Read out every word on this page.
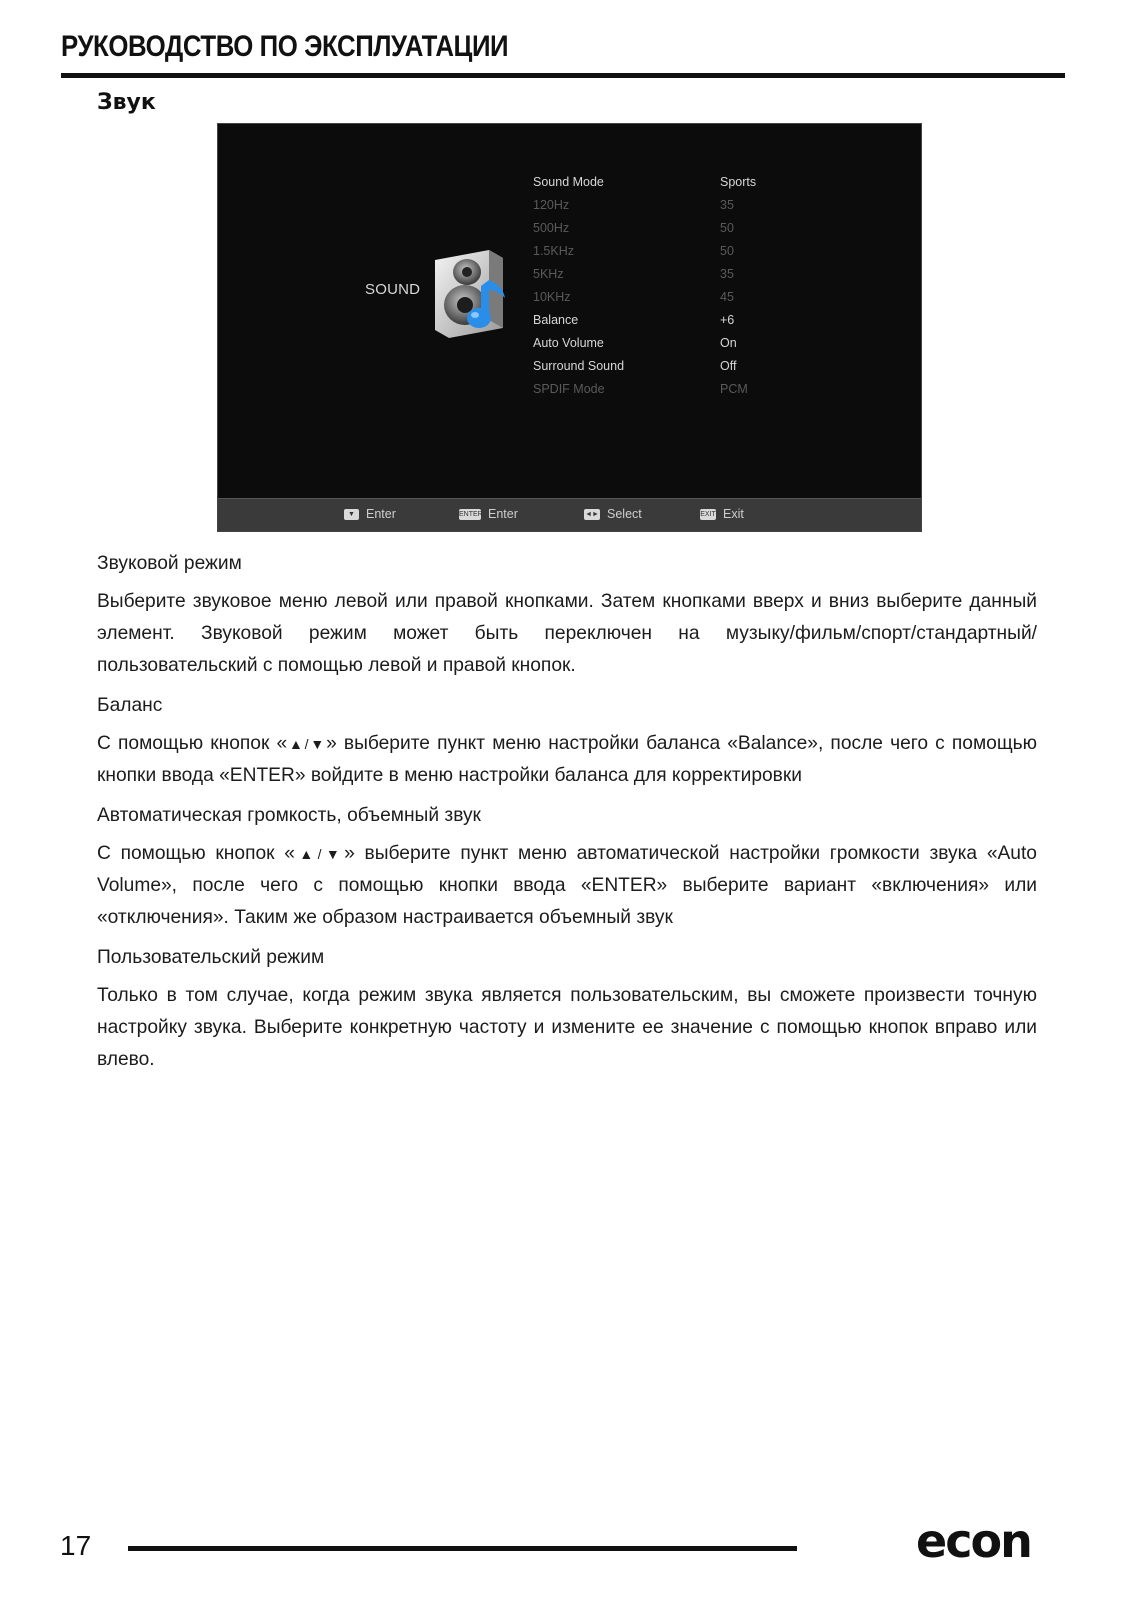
РУКОВОДСТВО ПО ЭКСПЛУАТАЦИИ
Звук
SOUND
Sound Mode	Sports
120Hz	35
500Hz	50
1.5KHz	50
5KHz	35
10KHz	45
Balance	+6
Auto Volume	On
Surround Sound	Off
SPDIF Mode	PCM
▼ Enter	ENTER Enter	◄► Select	EXIT Exit
Звуковой режим
Выберите звуковое меню левой или правой кнопками. Затем кнопками вверх и вниз выберите данный элемент. Звуковой режим может быть переключен на музыку/фильм/спорт/стандартный/пользовательский с помощью левой и правой кнопок.
Баланс
С помощью кнопок «▲/▼» выберите пункт меню настройки баланса «Balance», после чего с помощью кнопки ввода «ENTER» войдите в меню настройки баланса для корректировки
Автоматическая громкость, объемный звук
С помощью кнопок «▲/▼» выберите пункт меню автоматической настройки громкости звука «Auto Volume», после чего с помощью кнопки ввода «ENTER» выберите вариант «включения» или «отключения». Таким же образом настраивается объемный звук
Пользовательский режим
Только в том случае, когда режим звука является пользовательским, вы сможете произвести точную настройку звука. Выберите конкретную частоту и измените ее значение с помощью кнопок вправо или влево.
17	econ
